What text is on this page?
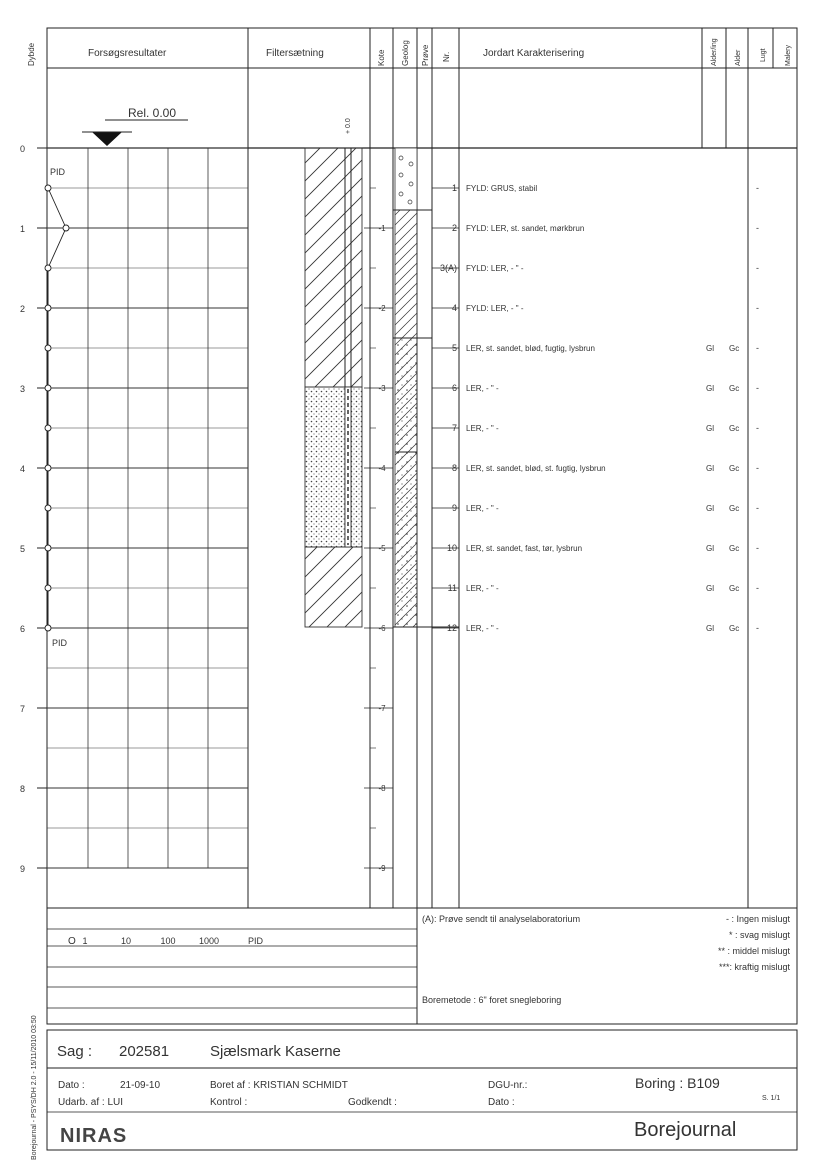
Dybde	Forsøgsresultater	Filtersætning	Kote Geolog Prøve Nr.	Jordart Karakterisering	Alder/ing Alder	Lugt	Malery
Rel. 0.00
+ 0.0
0
1
2
3
4
5
6
7
8
9
PID
PID
-1
-2
-3
-4
-5
-6
-7
-8
-9
1 FYLD: GRUS, stabil	-
2 FYLD: LER, st. sandet, mørkbrun	-
3(A) FYLD: LER, - " -	-
4 FYLD: LER, - " -	-
5 LER, st. sandet, blød, fugtig, lysbrun	Gl Gc -
6 LER, - " -	Gl Gc -
7 LER, - " -	Gl Gc -
8 LER, st. sandet, blød, st. fugtig, lysbrun	Gl Gc -
9 LER, - " -	Gl Gc -
10 LER, st. sandet, fast, tør, lysbrun	Gl Gc -
11 LER, - " -	Gl Gc -
12 LER, - " -	Gl Gc -
O 1	10	100	1000	PID
(A): Prøve sendt til analyselaboratorium
Boremetode : 6" foret snegleboring
- : Ingen mislugt
* : svag mislugt
** : middel mislugt
***: kraftig mislugt
Borejournal - PSYS/DH 2.0 - 15/11/2010 03:50 Sag : 202581	Sjælsmark Kaserne
Dato :	21-09-10	Boret af : KRISTIAN SCHMIDT	DGU-nr.:	Boring : B109
Udarb. af : LUI	Kontrol :	Godkendt :	Dato :	S. 1/1
NIRAS	Borejournal
